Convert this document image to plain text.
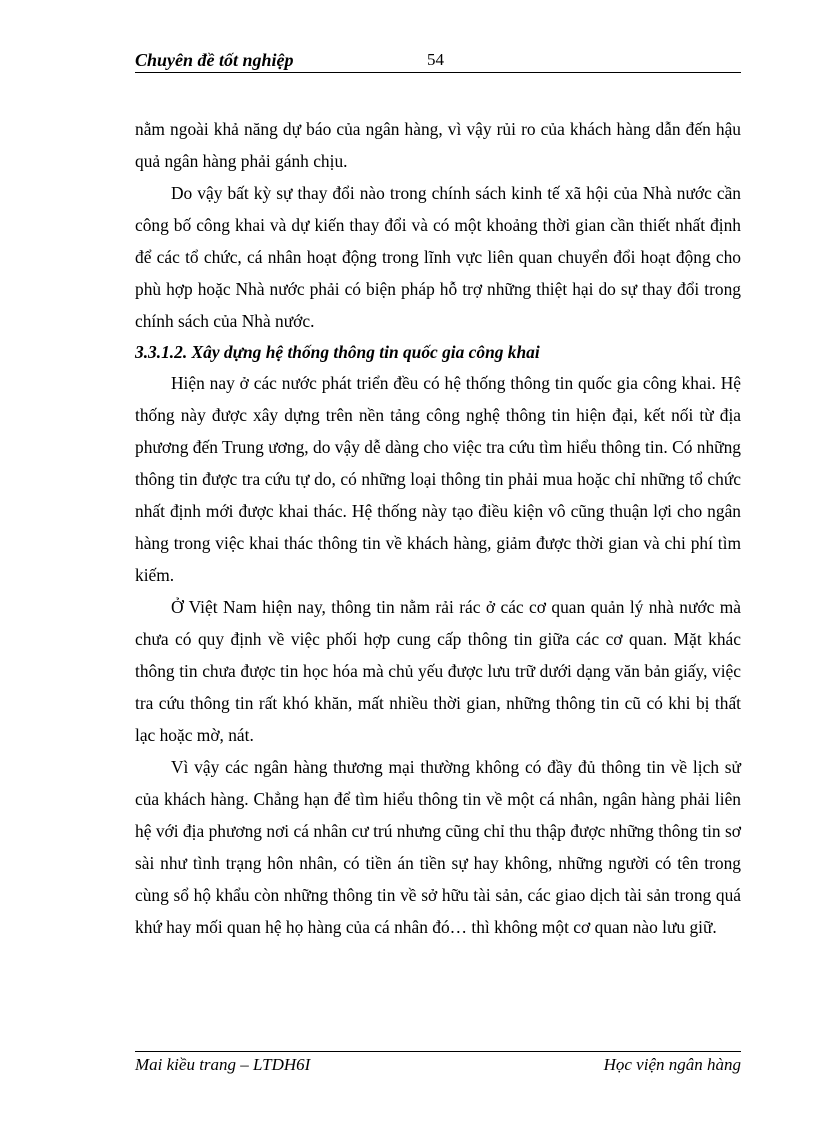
Chuyên đề tốt nghiệp	54

nằm ngoài khả năng dự báo của ngân hàng, vì vậy rủi ro của khách hàng dẫn đến hậu quả ngân hàng phải gánh chịu.

Do vậy bất kỳ sự thay đổi nào trong chính sách kinh tế xã hội của Nhà nước cần công bố công khai và dự kiến thay đổi và có một khoảng thời gian cần thiết nhất định để các tổ chức, cá nhân hoạt động trong lĩnh vực liên quan chuyển đổi hoạt động cho phù hợp hoặc Nhà nước phải có biện pháp hỗ trợ những thiệt hại do sự thay đổi trong chính sách của Nhà nước.

3.3.1.2. Xây dựng hệ thống thông tin quốc gia công khai

Hiện nay ở các nước phát triển đều có hệ thống thông tin quốc gia công khai. Hệ thống này được xây dựng trên nền tảng công nghệ thông tin hiện đại, kết nối từ địa phương đến Trung ương, do vậy dễ dàng cho việc tra cứu tìm hiểu thông tin. Có những thông tin được tra cứu tự do, có những loại thông tin phải mua hoặc chỉ những tổ chức nhất định mới được khai thác. Hệ thống này tạo điều kiện vô cũng thuận lợi cho ngân hàng trong việc khai thác thông tin về khách hàng, giảm được thời gian và chi phí tìm kiếm.

Ở Việt Nam hiện nay, thông tin nằm rải rác ở các cơ quan quản lý nhà nước mà chưa có quy định về việc phối hợp cung cấp thông tin giữa các cơ quan. Mặt khác thông tin chưa được tin học hóa mà chủ yếu được lưu trữ dưới dạng văn bản giấy, việc tra cứu thông tin rất khó khăn, mất nhiều thời gian, những thông tin cũ có khi bị thất lạc hoặc mờ, nát.

Vì vậy các ngân hàng thương mại thường không có đầy đủ thông tin về lịch sử của khách hàng. Chẳng hạn để tìm hiểu thông tin về một cá nhân, ngân hàng phải liên hệ với địa phương nơi cá nhân cư trú nhưng cũng chỉ thu thập được những thông tin sơ sài như tình trạng hôn nhân, có tiền án tiền sự hay không, những người có tên trong cùng sổ hộ khẩu còn những thông tin về sở hữu tài sản, các giao dịch tài sản trong quá khứ hay mối quan hệ họ hàng của cá nhân đó… thì không một cơ quan nào lưu giữ.

Mai kiều trang – LTDH6I	Học viện ngân hàng
